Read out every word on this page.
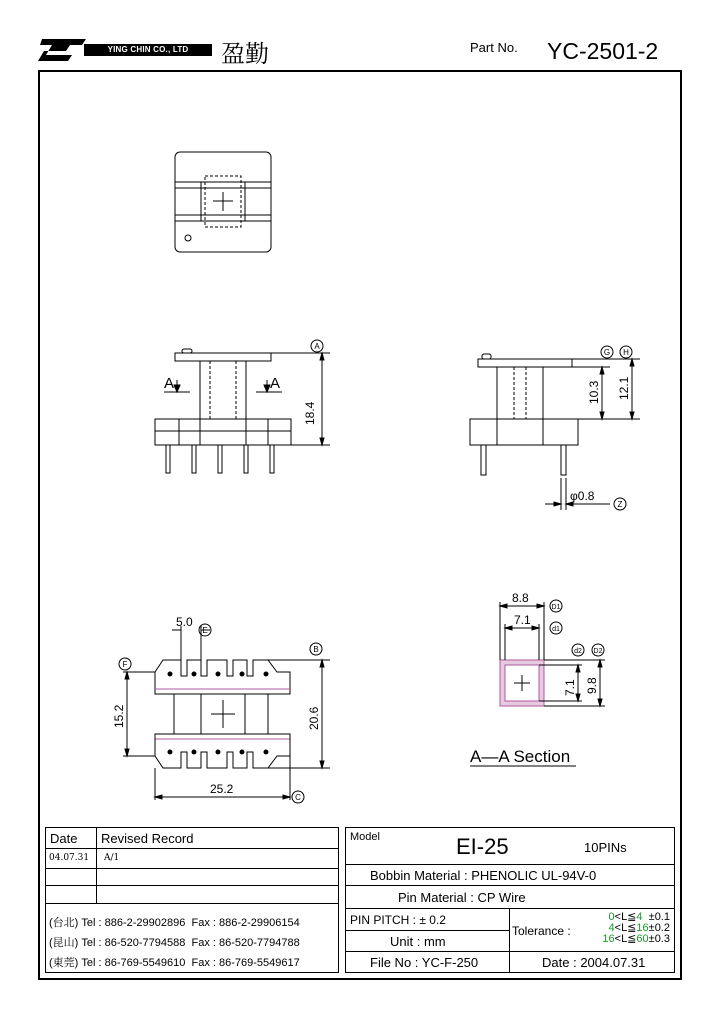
YING CHIN CO., LTD	盈勤	Part No. YC-2501-2
A	A
18.4
10.3 12.1
φ0.8
5.0
15.2	20.6
25.2
8.8
7.1
7.1 9.8
A—A Section
A
B
C
E
F
G H
Z
D1
d1
d2 D2
Date Revised Record
04.07.31 A/1
(台北) Tel : 886-2-29902896 Fax : 886-2-29906154
(昆山) Tel : 86-520-7794588 Fax : 86-520-7794788
(東莞) Tel : 86-769-5549610 Fax : 86-769-5549617
Model	EI-25	10PINs
Bobbin Material : PHENOLIC UL-94V-0
Pin Material : CP Wire
PIN PITCH : ± 0.2
Unit : mm
File No : YC-F-250	Date : 2004.07.31
Tolerance :
0<L≦4 ±0.1
4<L≦16±0.2
16<L≦60±0.3
